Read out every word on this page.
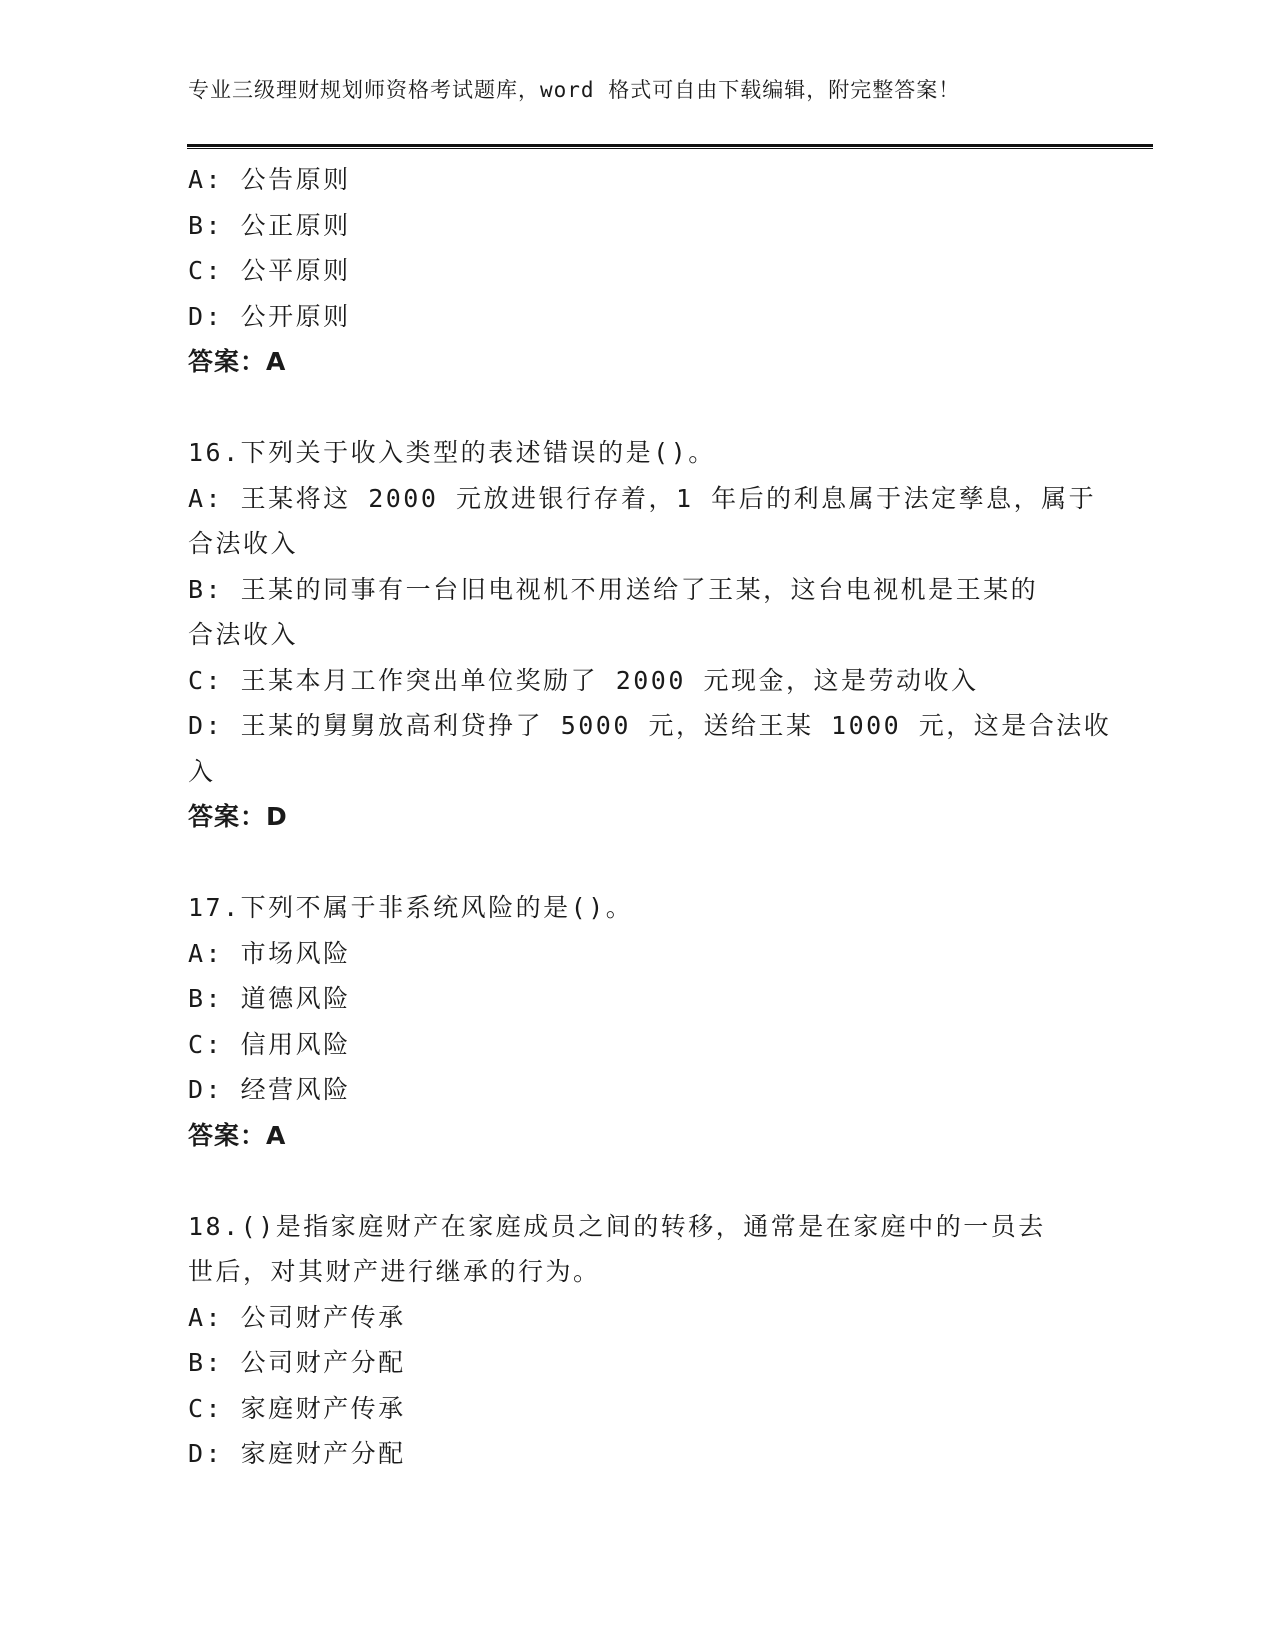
专业三级理财规划师资格考试题库，word 格式可自由下载编辑，附完整答案！
A: 公告原则
B: 公正原则
C: 公平原则
D: 公开原则
答案：A
16.下列关于收入类型的表述错误的是()。
A: 王某将这 2000 元放进银行存着，1 年后的利息属于法定孳息，属于
合法收入
B: 王某的同事有一台旧电视机不用送给了王某，这台电视机是王某的
合法收入
C: 王某本月工作突出单位奖励了 2000 元现金，这是劳动收入
D: 王某的舅舅放高利贷挣了 5000 元，送给王某 1000 元，这是合法收
入
答案：D
17.下列不属于非系统风险的是()。
A: 市场风险
B: 道德风险
C: 信用风险
D: 经营风险
答案：A
18.()是指家庭财产在家庭成员之间的转移，通常是在家庭中的一员去
世后，对其财产进行继承的行为。
A: 公司财产传承
B: 公司财产分配
C: 家庭财产传承
D: 家庭财产分配
